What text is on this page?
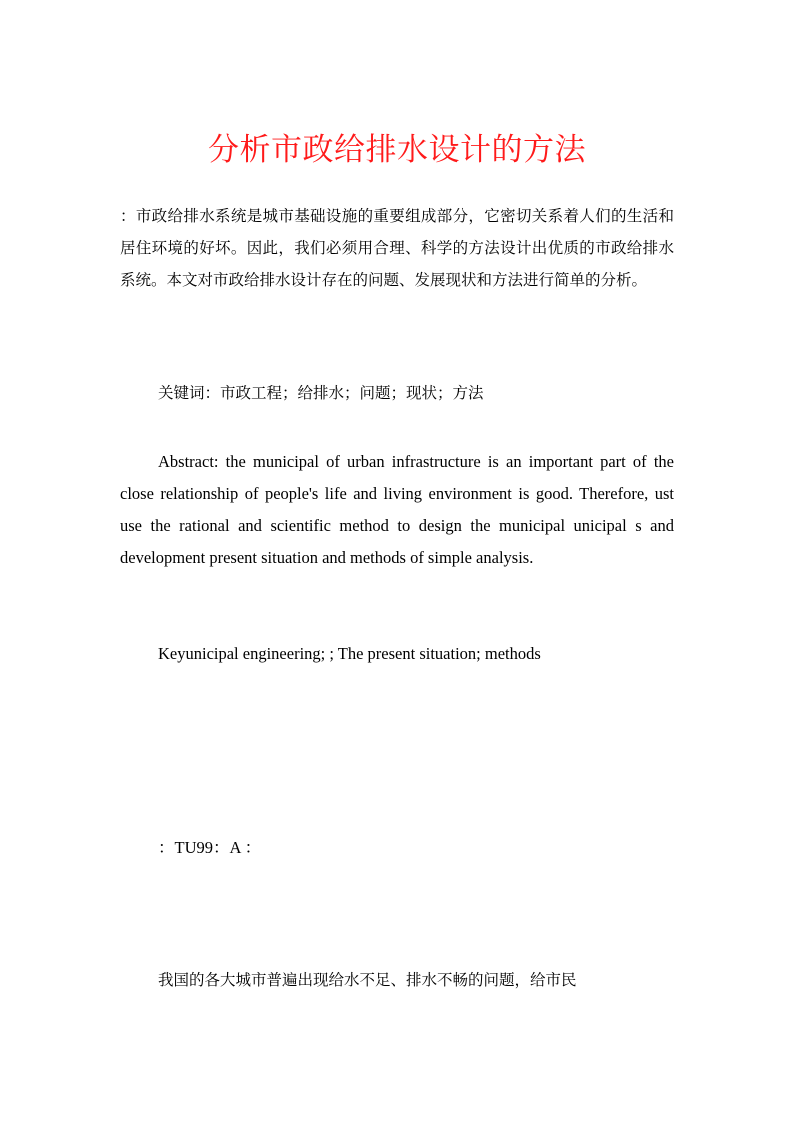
分析市政给排水设计的方法

：市政给排水系统是城市基础设施的重要组成部分，它密切关系着人们的生活和居住环境的好坏。因此，我们必须用合理、科学的方法设计出优质的市政给排水系统。本文对市政给排水设计存在的问题、发展现状和方法进行简单的分析。

关键词：市政工程；给排水；问题；现状；方法

Abstract: the municipal of urban infrastructure is an important part of the close relationship of people's life and living environment is good. Therefore, ust use the rational and scientific method to design the municipal unicipal s and development present situation and methods of simple analysis.

Keyunicipal engineering; ; The present situation; methods

：TU99：A ：

我国的各大城市普遍出现给水不足、排水不畅的问题，给市民
